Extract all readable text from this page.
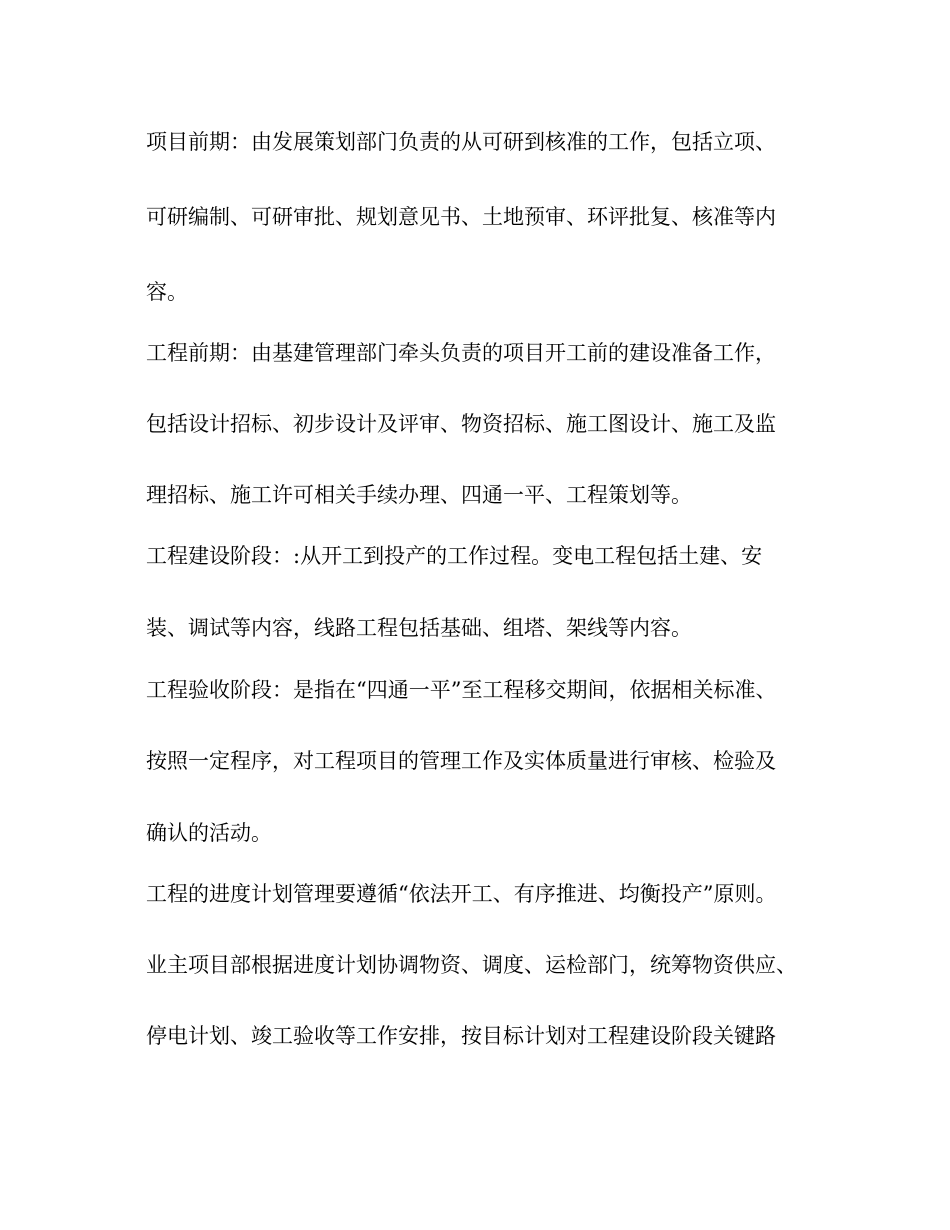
项目前期：由发展策划部门负责的从可研到核准的工作，包括立项、
可研编制、可研审批、规划意见书、土地预审、环评批复、核准等内
容。
工程前期：由基建管理部门牵头负责的项目开工前的建设准备工作，
包括设计招标、初步设计及评审、物资招标、施工图设计、施工及监
理招标、施工许可相关手续办理、四通一平、工程策划等。
工程建设阶段：:从开工到投产的工作过程。变电工程包括土建、安
装、调试等内容，线路工程包括基础、组塔、架线等内容。
工程验收阶段：是指在“四通一平”至工程移交期间，依据相关标准、
按照一定程序，对工程项目的管理工作及实体质量进行审核、检验及
确认的活动。
工程的进度计划管理要遵循“依法开工、有序推进、均衡投产”原则。
业主项目部根据进度计划协调物资、调度、运检部门，统筹物资供应、
停电计划、竣工验收等工作安排，按目标计划对工程建设阶段关键路
